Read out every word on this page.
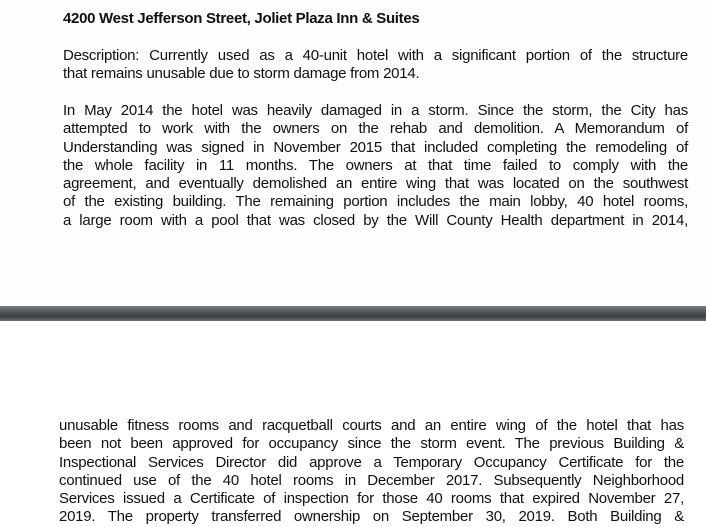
4200 West Jefferson Street, Joliet Plaza Inn & Suites
Description: Currently used as a 40-unit hotel with a significant portion of the structure
that remains unusable due to storm damage from 2014.
In May 2014 the hotel was heavily damaged in a storm. Since the storm, the City has
attempted to work with the owners on the rehab and demolition. A Memorandum of
Understanding was signed in November 2015 that included completing the remodeling of
the whole facility in 11 months. The owners at that time failed to comply with the
agreement, and eventually demolished an entire wing that was located on the southwest
of the existing building. The remaining portion includes the main lobby, 40 hotel rooms,
a large room with a pool that was closed by the Will County Health department in 2014,
unusable fitness rooms and racquetball courts and an entire wing of the hotel that has
been not been approved for occupancy since the storm event. The previous Building &
Inspectional Services Director did approve a Temporary Occupancy Certificate for the
continued use of the 40 hotel rooms in December 2017. Subsequently Neighborhood
Services issued a Certificate of inspection for those 40 rooms that expired November 27,
2019. The property transferred ownership on September 30, 2019. Both Building &
